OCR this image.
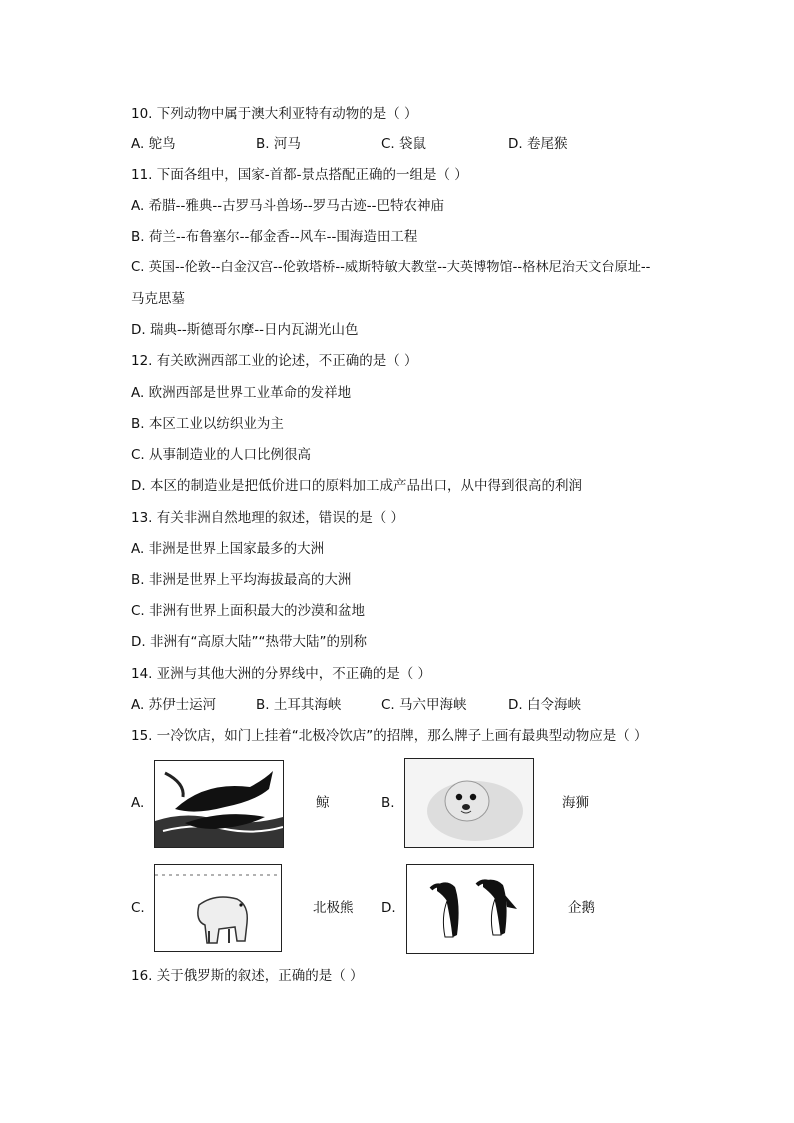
10. 下列动物中属于澳大利亚特有动物的是（ ）
A. 鸵鸟	B. 河马	C. 袋鼠	D. 卷尾猴
11. 下面各组中，国家-首都-景点搭配正确的一组是（ ）
A. 希腊--雅典--古罗马斗兽场--罗马古迹--巴特农神庙
B. 荷兰--布鲁塞尔--郁金香--风车--围海造田工程
C. 英国--伦敦--白金汉宫--伦敦塔桥--威斯特敏大教堂--大英博物馆--格林尼治天文台原址--
马克思墓
D. 瑞典--斯德哥尔摩--日内瓦湖光山色
12. 有关欧洲西部工业的论述，不正确的是（ ）
A. 欧洲西部是世界工业革命的发祥地
B. 本区工业以纺织业为主
C. 从事制造业的人口比例很高
D. 本区的制造业是把低价进口的原料加工成产品出口，从中得到很高的利润
13. 有关非洲自然地理的叙述，错误的是（ ）
A. 非洲是世界上国家最多的大洲
B. 非洲是世界上平均海拔最高的大洲
C. 非洲有世界上面积最大的沙漠和盆地
D. 非洲有“高原大陆”“热带大陆”的别称
14. 亚洲与其他大洲的分界线中，不正确的是（ ）
A. 苏伊士运河	B. 土耳其海峡	C. 马六甲海峡	D. 白令海峡
15. 一冷饮店，如门上挂着“北极冷饮店”的招牌，那么牌子上画有最典型动物应是（ ）
A.	鲸	B.	海狮
C.	北极熊 D.	企鹅
16. 关于俄罗斯的叙述，正确的是（ ）
